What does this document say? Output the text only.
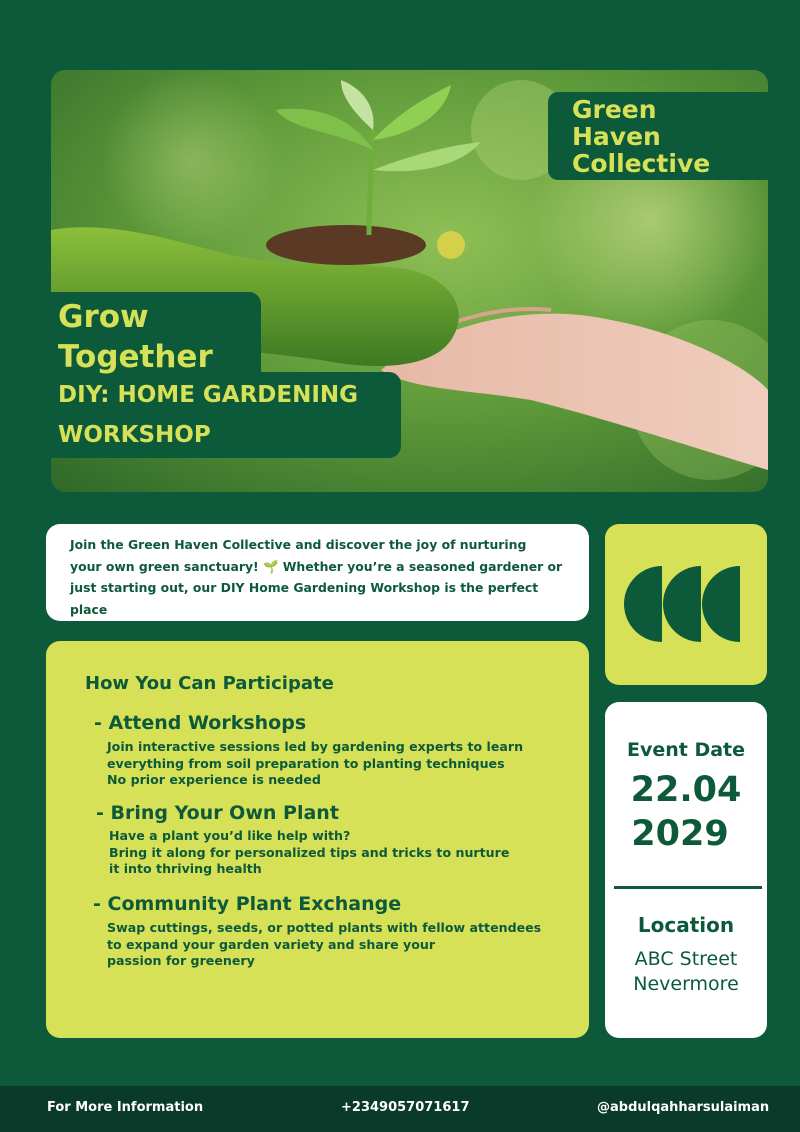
Green
Haven
Collective
Grow
Together
DIY: HOME GARDENING
WORKSHOP

Join the Green Haven Collective and discover the joy of nurturing

your own green sanctuary! 🌱 Whether you’re a seasoned gardener or

just starting out, our DIY Home Gardening Workshop is the perfect place

to connect, learn, and grow together

How You Can Participate
- Attend Workshops
Join interactive sessions led by gardening experts to learn
everything from soil preparation to planting techniques
No prior experience is needed
- Bring Your Own Plant
Have a plant you’d like help with?
Bring it along for personalized tips and tricks to nurture
it into thriving health
- Community Plant Exchange
Swap cuttings, seeds, or potted plants with fellow attendees
to expand your garden variety and share your
passion for greenery
Event Date
22.04
2029
Location
ABC Street
Nevermore
For More Information	+2349057071617	@abdulqahharsulaiman
